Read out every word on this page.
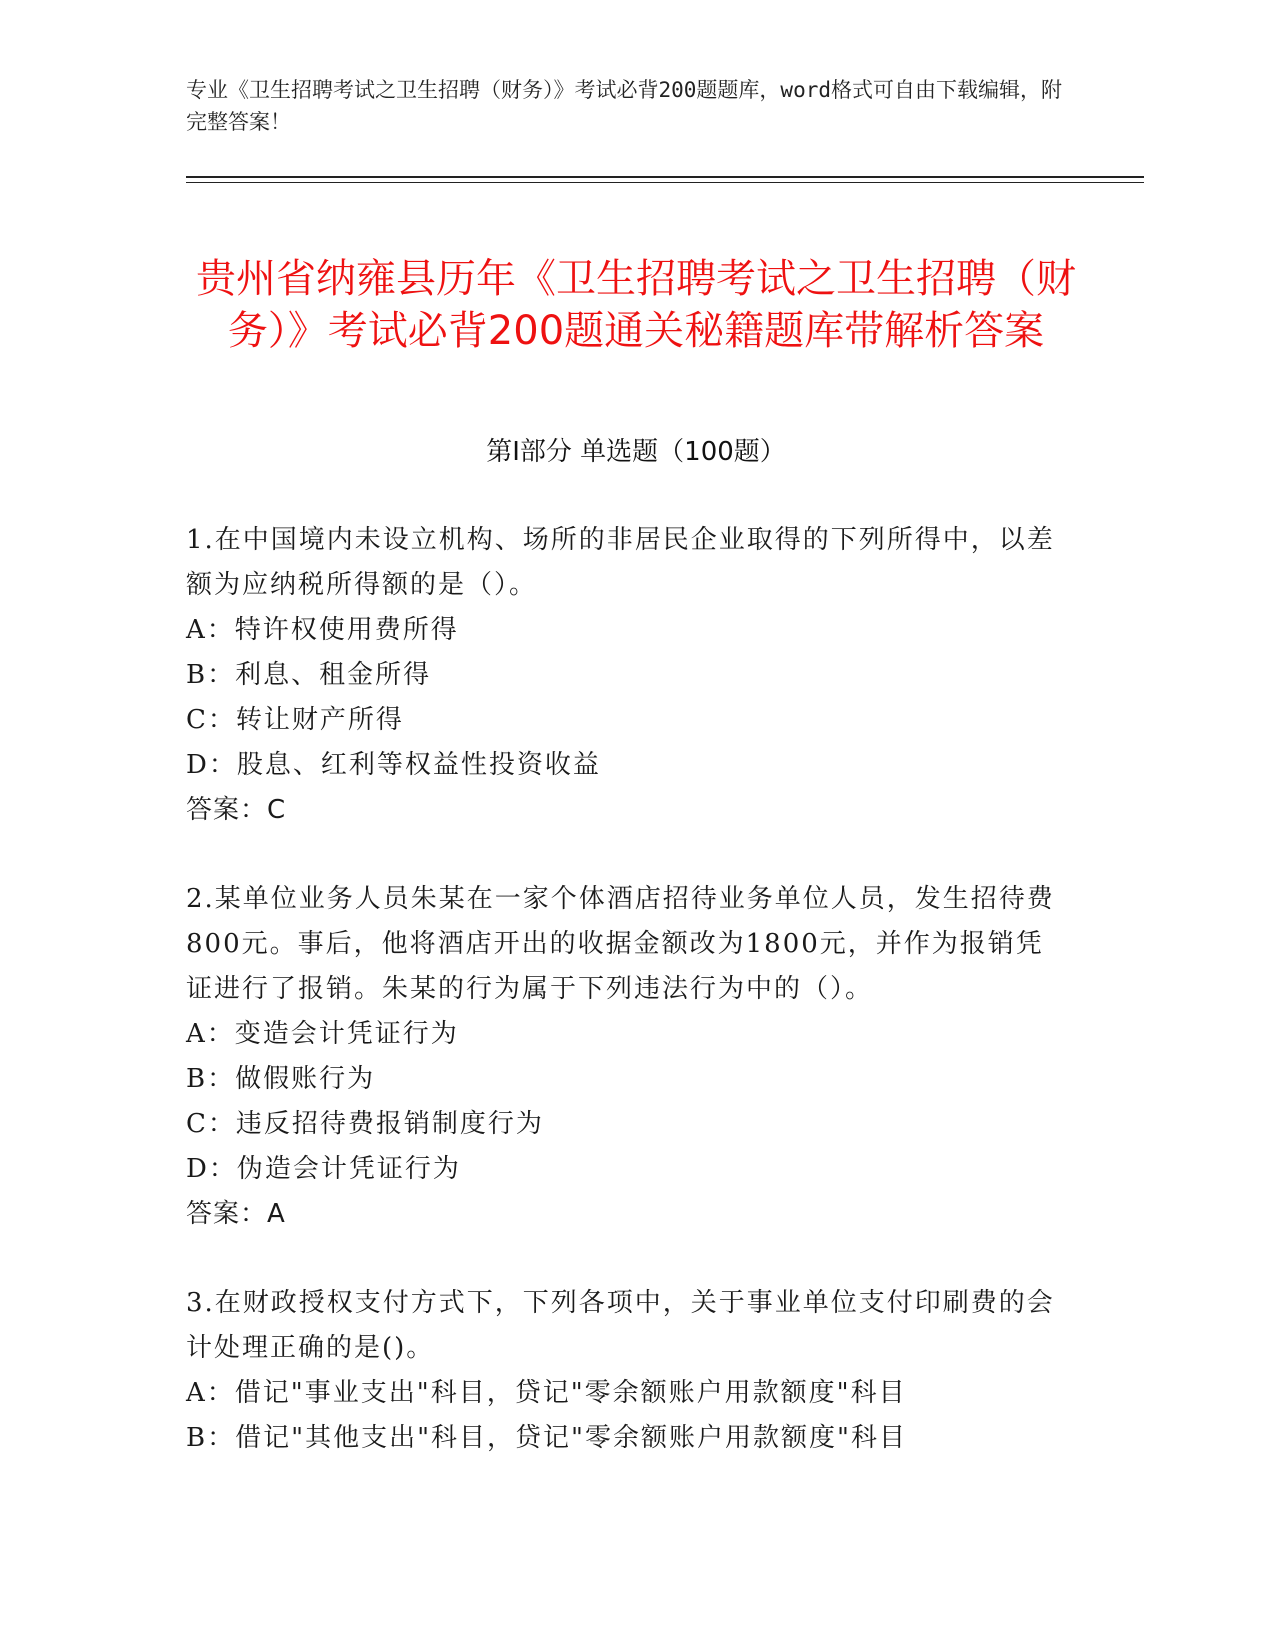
专业《卫生招聘考试之卫生招聘（财务）》考试必背200题题库，word格式可自由下载编辑，附完整答案！
贵州省纳雍县历年《卫生招聘考试之卫生招聘（财务）》考试必背200题通关秘籍题库带解析答案
第I部分 单选题（100题）

1.在中国境内未设立机构、场所的非居民企业取得的下列所得中，以差额为应纳税所得额的是（）。

A：特许权使用费所得

B：利息、租金所得

C：转让财产所得

D：股息、红利等权益性投资收益

答案：C

2.某单位业务人员朱某在一家个体酒店招待业务单位人员，发生招待费800元。事后，他将酒店开出的收据金额改为1800元，并作为报销凭证进行了报销。朱某的行为属于下列违法行为中的（）。

A：变造会计凭证行为

B：做假账行为

C：违反招待费报销制度行为

D：伪造会计凭证行为

答案：A

3.在财政授权支付方式下，下列各项中，关于事业单位支付印刷费的会计处理正确的是()。

A：借记"事业支出"科目，贷记"零余额账户用款额度"科目

B：借记"其他支出"科目，贷记"零余额账户用款额度"科目
